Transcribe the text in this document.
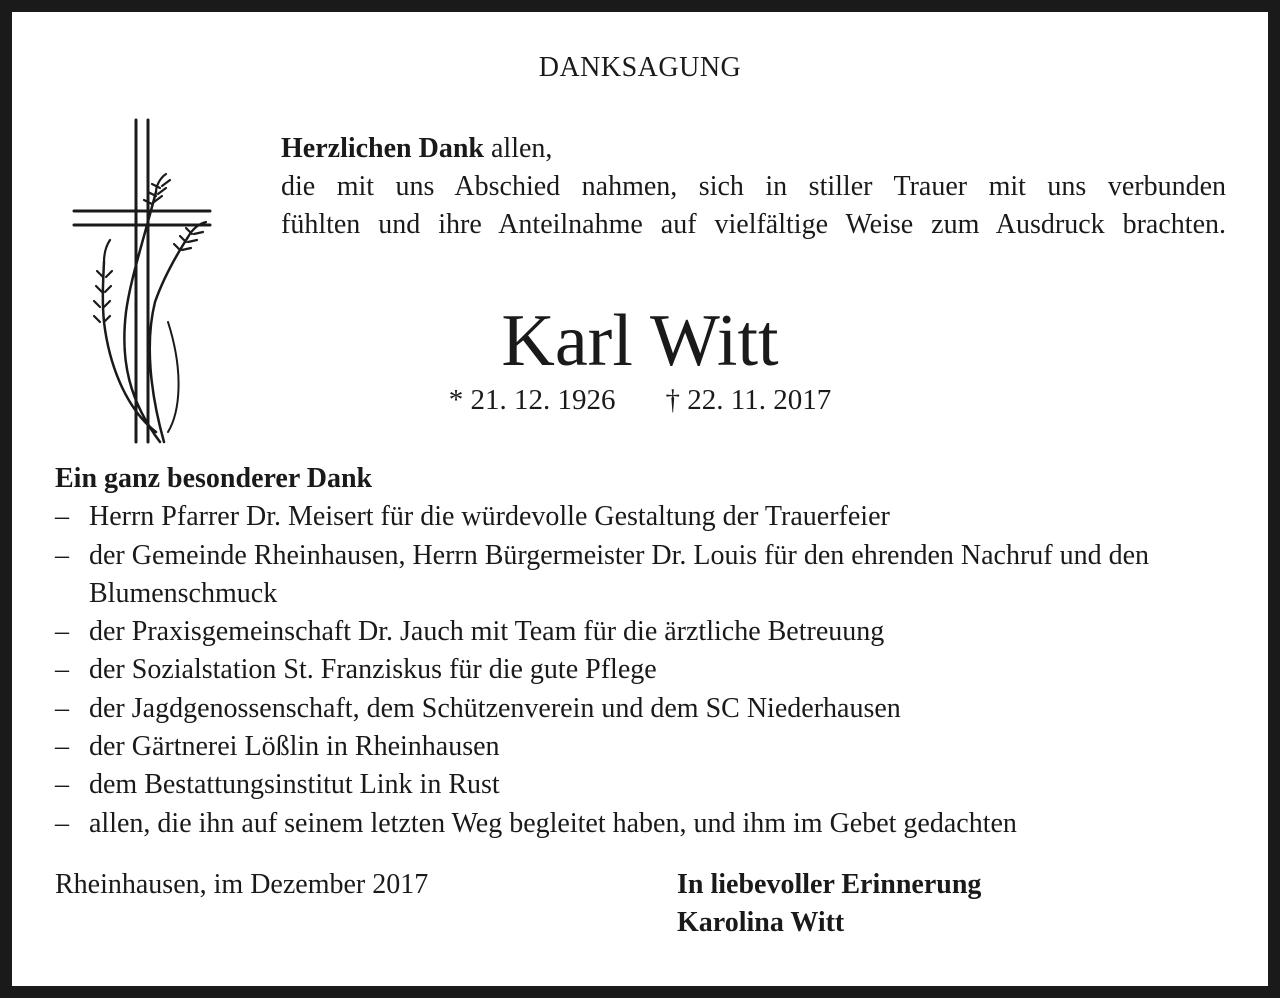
DANKSAGUNG
Herzlichen Dank allen,
die mit uns Abschied nahmen, sich in stiller Trauer mit uns verbunden
fühlten und ihre Anteilnahme auf vielfältige Weise zum Ausdruck brachten.
Karl Witt
* 21. 12. 1926 † 22. 11. 2017
Ein ganz besonderer Dank
– Herrn Pfarrer Dr. Meisert für die würdevolle Gestaltung der Trauerfeier
– der Gemeinde Rheinhausen, Herrn Bürgermeister Dr. Louis für den ehrenden Nachruf und den Blumenschmuck
– der Praxisgemeinschaft Dr. Jauch mit Team für die ärztliche Betreuung
– der Sozialstation St. Franziskus für die gute Pflege
– der Jagdgenossenschaft, dem Schützenverein und dem SC Niederhausen
– der Gärtnerei Lößlin in Rheinhausen
– dem Bestattungsinstitut Link in Rust
– allen, die ihn auf seinem letzten Weg begleitet haben, und ihm im Gebet gedachten
Rheinhausen, im Dezember 2017	In liebevoller Erinnerung
Karolina Witt
